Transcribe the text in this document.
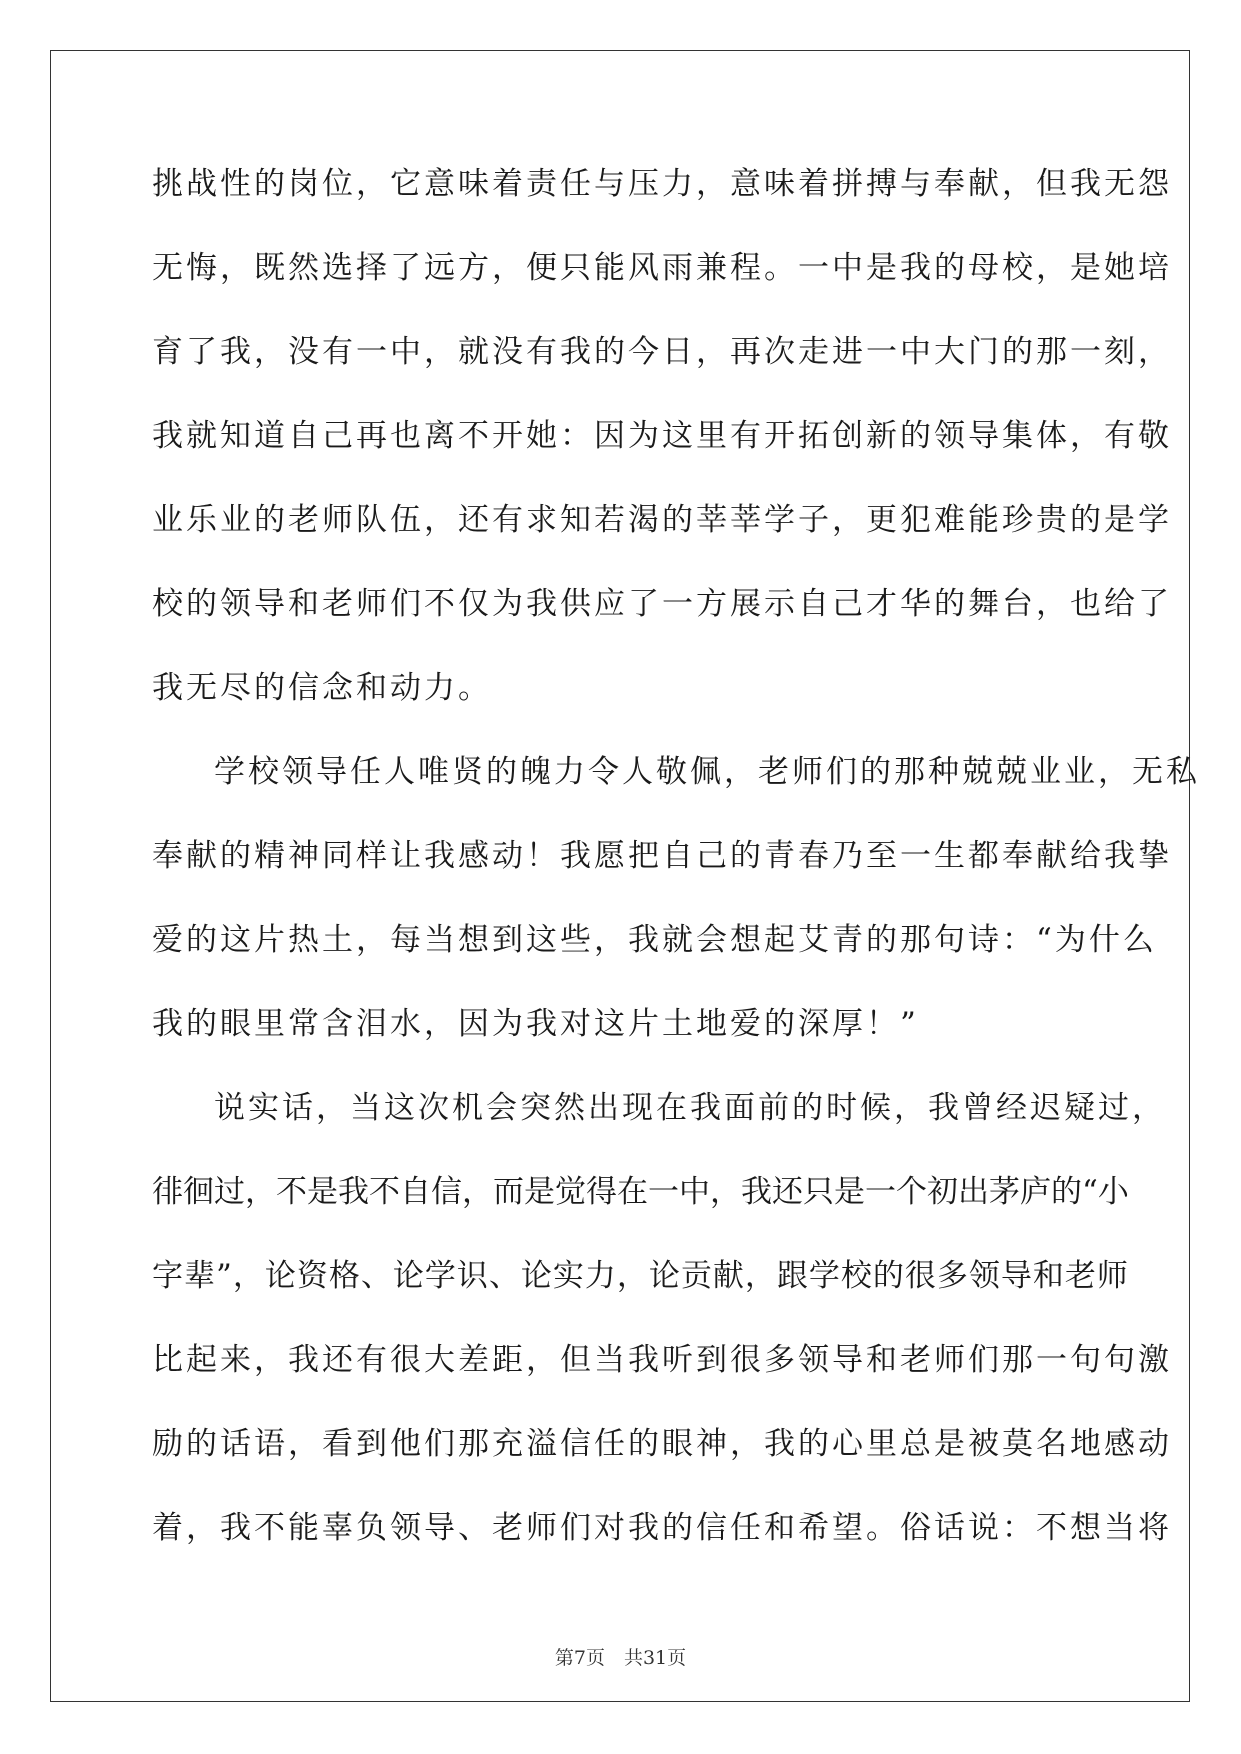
挑战性的岗位，它意味着责任与压力，意味着拼搏与奉献，但我无怨
无悔，既然选择了远方，便只能风雨兼程。一中是我的母校，是她培
育了我，没有一中，就没有我的今日，再次走进一中大门的那一刻，
我就知道自己再也离不开她：因为这里有开拓创新的领导集体，有敬
业乐业的老师队伍，还有求知若渴的莘莘学子，更犯难能珍贵的是学
校的领导和老师们不仅为我供应了一方展示自己才华的舞台，也给了
我无尽的信念和动力。
学校领导任人唯贤的魄力令人敬佩，老师们的那种兢兢业业，无私
奉献的精神同样让我感动！我愿把自己的青春乃至一生都奉献给我挚
爱的这片热土，每当想到这些，我就会想起艾青的那句诗：“为什么
我的眼里常含泪水，因为我对这片土地爱的深厚！”
说实话，当这次机会突然出现在我面前的时候，我曾经迟疑过，
徘徊过，不是我不自信，而是觉得在一中，我还只是一个初出茅庐的“小
字辈”，论资格、论学识、论实力，论贡献，跟学校的很多领导和老师
比起来，我还有很大差距，但当我听到很多领导和老师们那一句句激
励的话语，看到他们那充溢信任的眼神，我的心里总是被莫名地感动
着，我不能辜负领导、老师们对我的信任和希望。俗话说：不想当将
第7页　共31页
